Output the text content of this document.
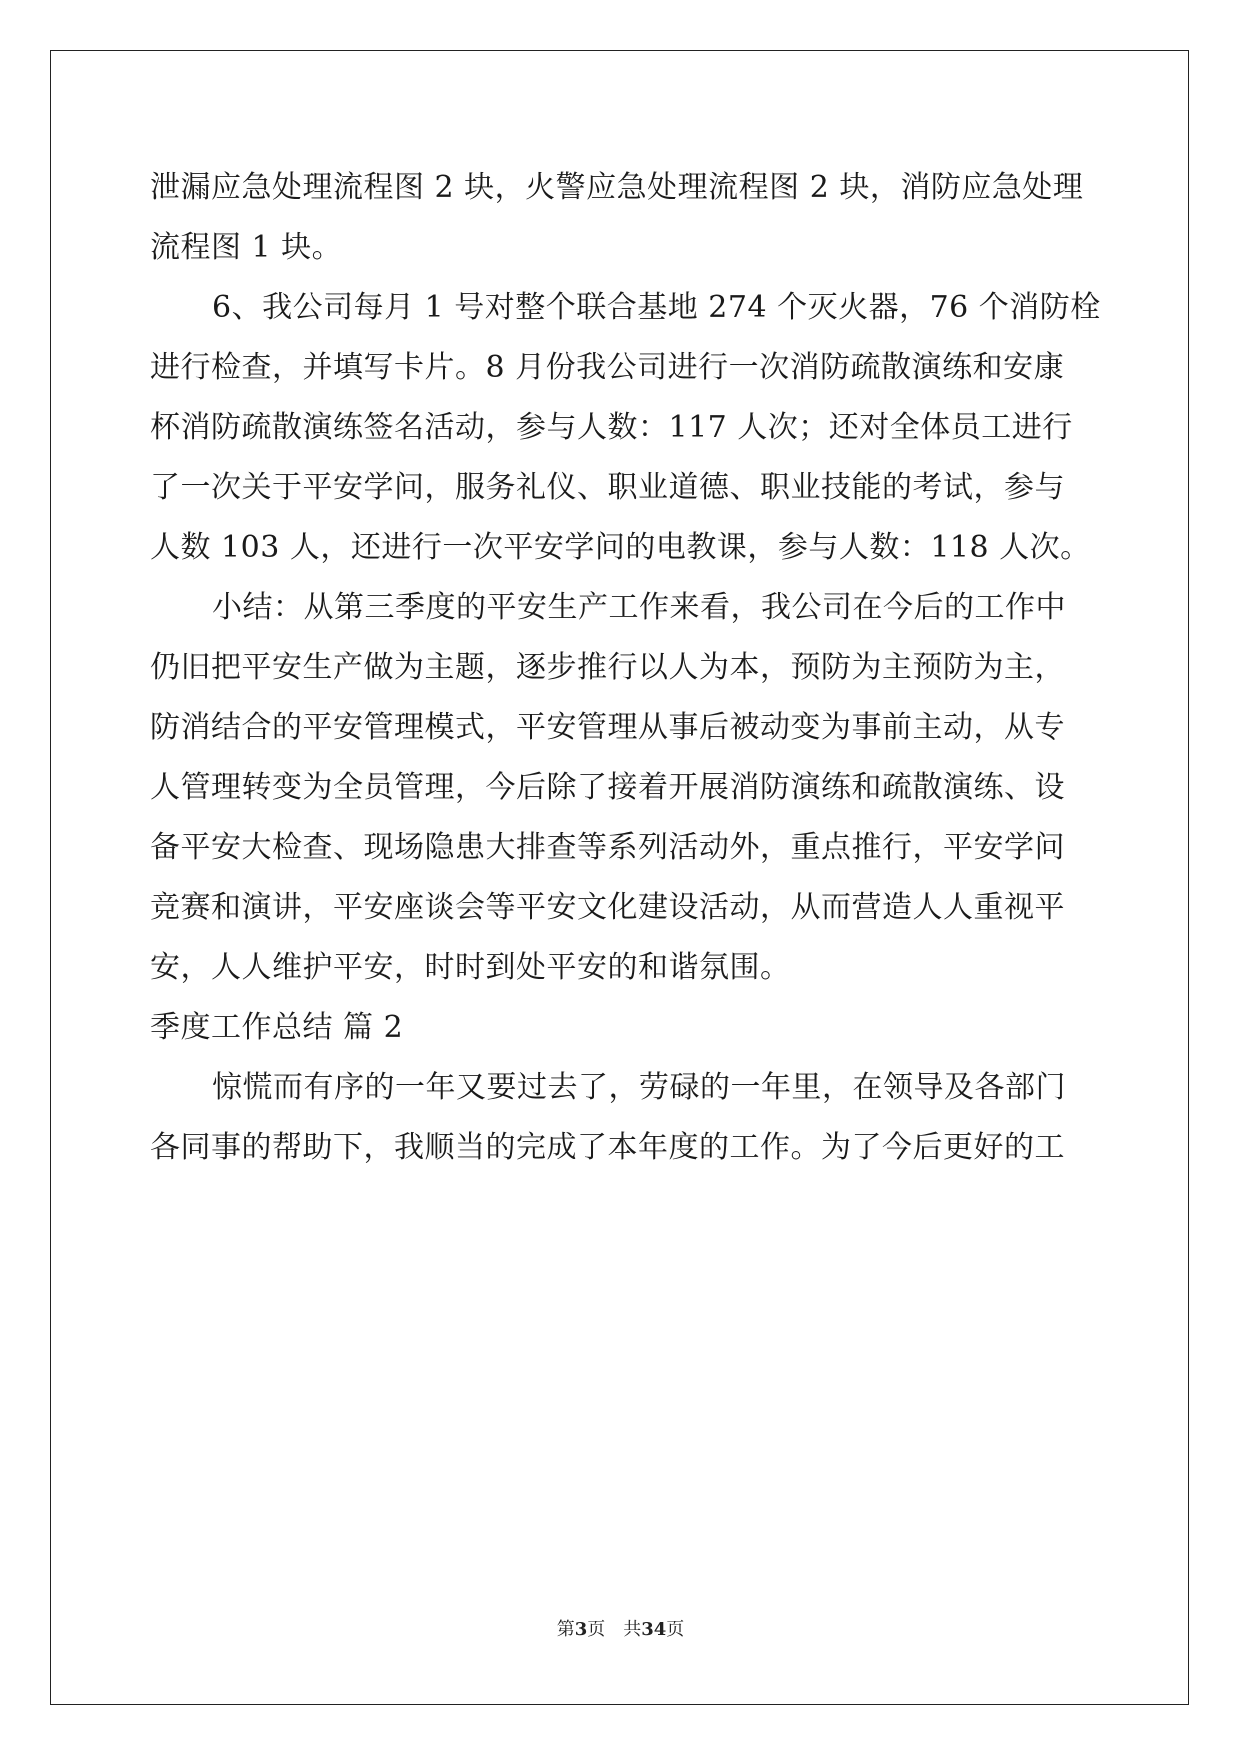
泄漏应急处理流程图 2 块，火警应急处理流程图 2 块，消防应急处理
流程图 1 块。
6、我公司每月 1 号对整个联合基地 274 个灭火器，76 个消防栓
进行检查，并填写卡片。8 月份我公司进行一次消防疏散演练和安康
杯消防疏散演练签名活动，参与人数：117 人次；还对全体员工进行
了一次关于平安学问，服务礼仪、职业道德、职业技能的考试，参与
人数 103 人，还进行一次平安学问的电教课，参与人数：118 人次。
小结：从第三季度的平安生产工作来看，我公司在今后的工作中
仍旧把平安生产做为主题，逐步推行以人为本，预防为主预防为主，
防消结合的平安管理模式，平安管理从事后被动变为事前主动，从专
人管理转变为全员管理，今后除了接着开展消防演练和疏散演练、设
备平安大检查、现场隐患大排查等系列活动外，重点推行，平安学问
竞赛和演讲，平安座谈会等平安文化建设活动，从而营造人人重视平
安，人人维护平安，时时到处平安的和谐氛围。
季度工作总结 篇 2
惊慌而有序的一年又要过去了，劳碌的一年里，在领导及各部门
各同事的帮助下，我顺当的完成了本年度的工作。为了今后更好的工
第3页 共34页
